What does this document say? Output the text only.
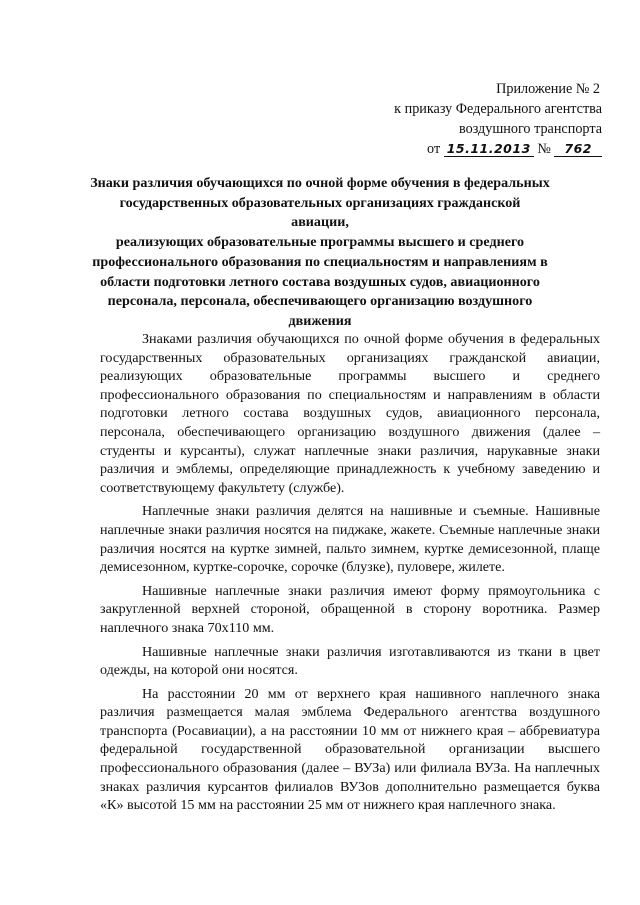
Приложение № 2
к приказу Федерального агентства
воздушного транспорта
от 15.11.2013 № 762
Знаки различия обучающихся по очной форме обучения в федеральных
государственных образовательных организациях гражданской авиации,
реализующих образовательные программы высшего и среднего
профессионального образования по специальностям и направлениям в
области подготовки летного состава воздушных судов, авиационного
персонала, персонала, обеспечивающего организацию воздушного
движения

Знаками различия обучающихся по очной форме обучения в федеральных государственных образовательных организациях гражданской авиации, реализующих образовательные программы высшего и среднего профессионального образования по специальностям и направлениям в области подготовки летного состава воздушных судов, авиационного персонала, персонала, обеспечивающего организацию воздушного движения (далее – студенты и курсанты), служат наплечные знаки различия, нарукавные знаки различия и эмблемы, определяющие принадлежность к учебному заведению и соответствующему факультету (службе).

Наплечные знаки различия делятся на нашивные и съемные. Нашивные наплечные знаки различия носятся на пиджаке, жакете. Съемные наплечные знаки различия носятся на куртке зимней, пальто зимнем, куртке демисезонной, плаще демисезонном, куртке-сорочке, сорочке (блузке), пуловере, жилете.

Нашивные наплечные знаки различия имеют форму прямоугольника с закругленной верхней стороной, обращенной в сторону воротника. Размер наплечного знака 70x110 мм.

Нашивные наплечные знаки различия изготавливаются из ткани в цвет одежды, на которой они носятся.

На расстоянии 20 мм от верхнего края нашивного наплечного знака различия размещается малая эмблема Федерального агентства воздушного транспорта (Росавиации), а на расстоянии 10 мм от нижнего края – аббревиатура федеральной государственной образовательной организации высшего профессионального образования (далее – ВУЗа) или филиала ВУЗа. На наплечных знаках различия курсантов филиалов ВУЗов дополнительно размещается буква «К» высотой 15 мм на расстоянии 25 мм от нижнего края наплечного знака.
